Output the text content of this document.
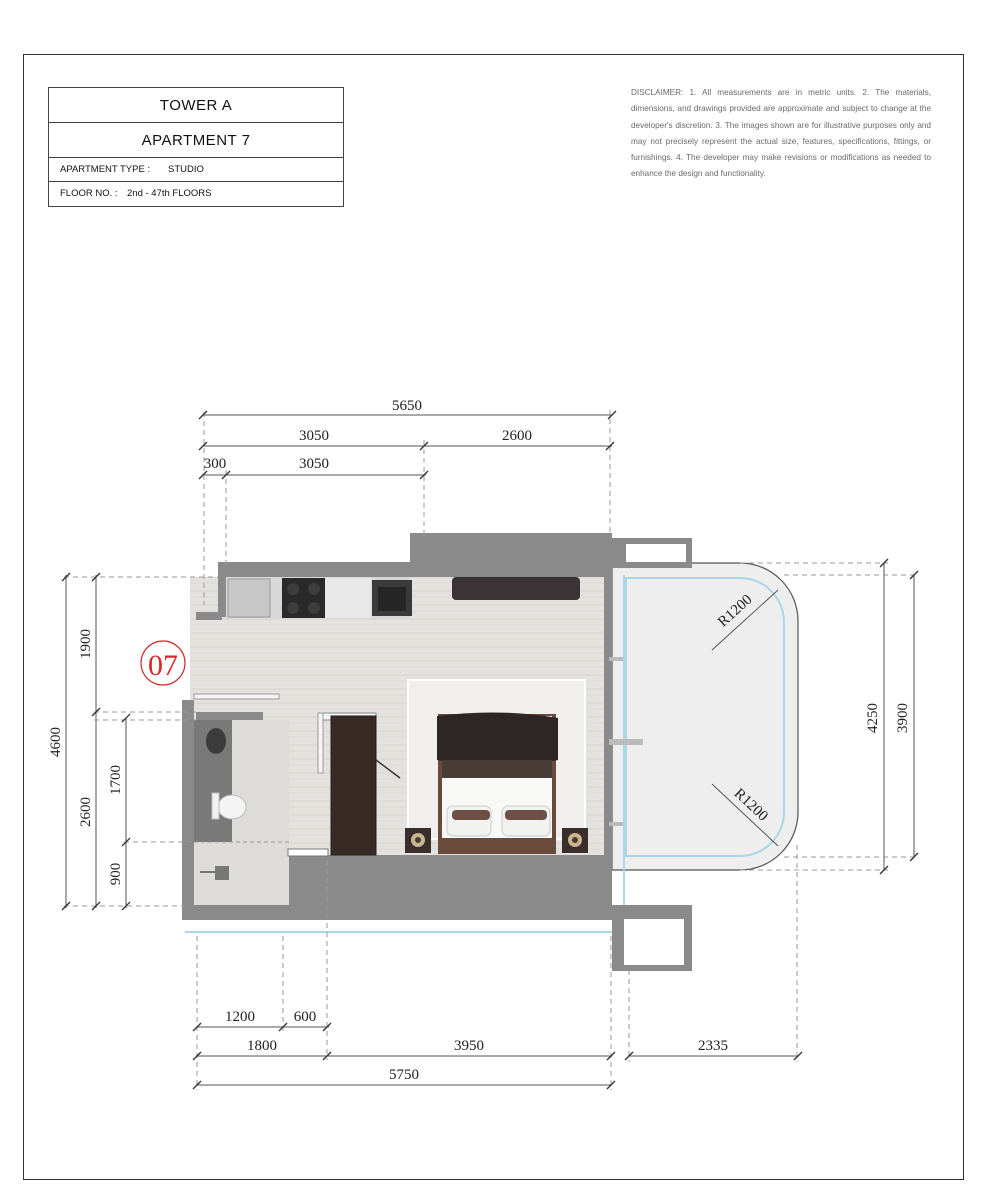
TOWER A
APARTMENT 7
APARTMENT TYPE : STUDIO
FLOOR NO. : 2nd - 47th FLOORS
DISCLAIMER: 1. All measurements are in metric units. 2. The materials, dimensions, and drawings provided are approximate and subject to change at the developer's discretion. 3. The images shown are for illustrative purposes only and may not precisely represent the actual size, features, specifications, fittings, or furnishings. 4. The developer may make revisions or modifications as needed to enhance the design and functionality.
07
5650
3050	2600
300	3050
4600
1900
2600
1700
900
1200	600
1800	3950
5750
2335
4250 3900
R1200
R1200
